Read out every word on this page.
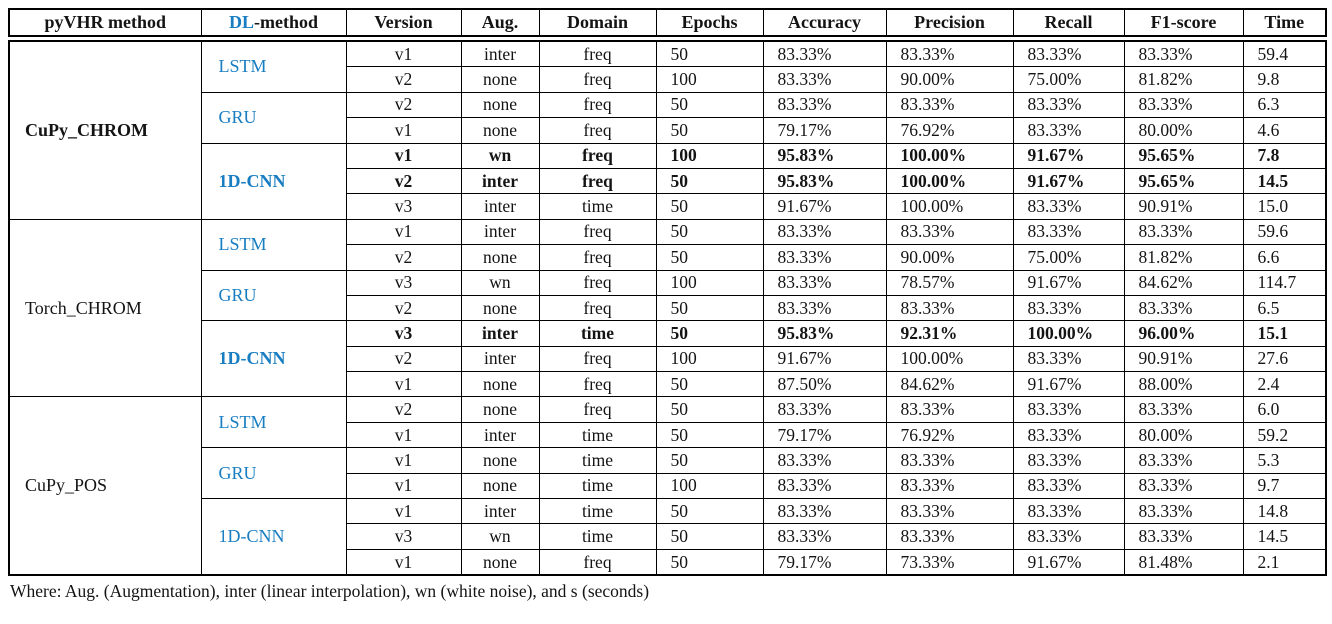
pyVHR method	DL-method	Version	Aug.	Domain	Epochs	Accuracy	Precision	Recall	F1-score	Time
CuPy_CHROM	LSTM	v1	inter	freq	50	83.33%	83.33%	83.33%	83.33%	59.4
		v2	none	freq	100	83.33%	90.00%	75.00%	81.82%	9.8
	GRU	v2	none	freq	50	83.33%	83.33%	83.33%	83.33%	6.3
		v1	none	freq	50	79.17%	76.92%	83.33%	80.00%	4.6
	1D-CNN	v1	wn	freq	100	95.83%	100.00%	91.67%	95.65%	7.8
		v2	inter	freq	50	95.83%	100.00%	91.67%	95.65%	14.5
		v3	inter	time	50	91.67%	100.00%	83.33%	90.91%	15.0
Torch_CHROM	LSTM	v1	inter	freq	50	83.33%	83.33%	83.33%	83.33%	59.6
		v2	none	freq	50	83.33%	90.00%	75.00%	81.82%	6.6
	GRU	v3	wn	freq	100	83.33%	78.57%	91.67%	84.62%	114.7
		v2	none	freq	50	83.33%	83.33%	83.33%	83.33%	6.5
	1D-CNN	v3	inter	time	50	95.83%	92.31%	100.00%	96.00%	15.1
		v2	inter	freq	100	91.67%	100.00%	83.33%	90.91%	27.6
		v1	none	freq	50	87.50%	84.62%	91.67%	88.00%	2.4
CuPy_POS	LSTM	v2	none	freq	50	83.33%	83.33%	83.33%	83.33%	6.0
		v1	inter	time	50	79.17%	76.92%	83.33%	80.00%	59.2
	GRU	v1	none	time	50	83.33%	83.33%	83.33%	83.33%	5.3
		v1	none	time	100	83.33%	83.33%	83.33%	83.33%	9.7
	1D-CNN	v1	inter	time	50	83.33%	83.33%	83.33%	83.33%	14.8
		v3	wn	time	50	83.33%	83.33%	83.33%	83.33%	14.5
		v1	none	freq	50	79.17%	73.33%	91.67%	81.48%	2.1
Where: Aug. (Augmentation), inter (linear interpolation), wn (white noise), and s (seconds)
